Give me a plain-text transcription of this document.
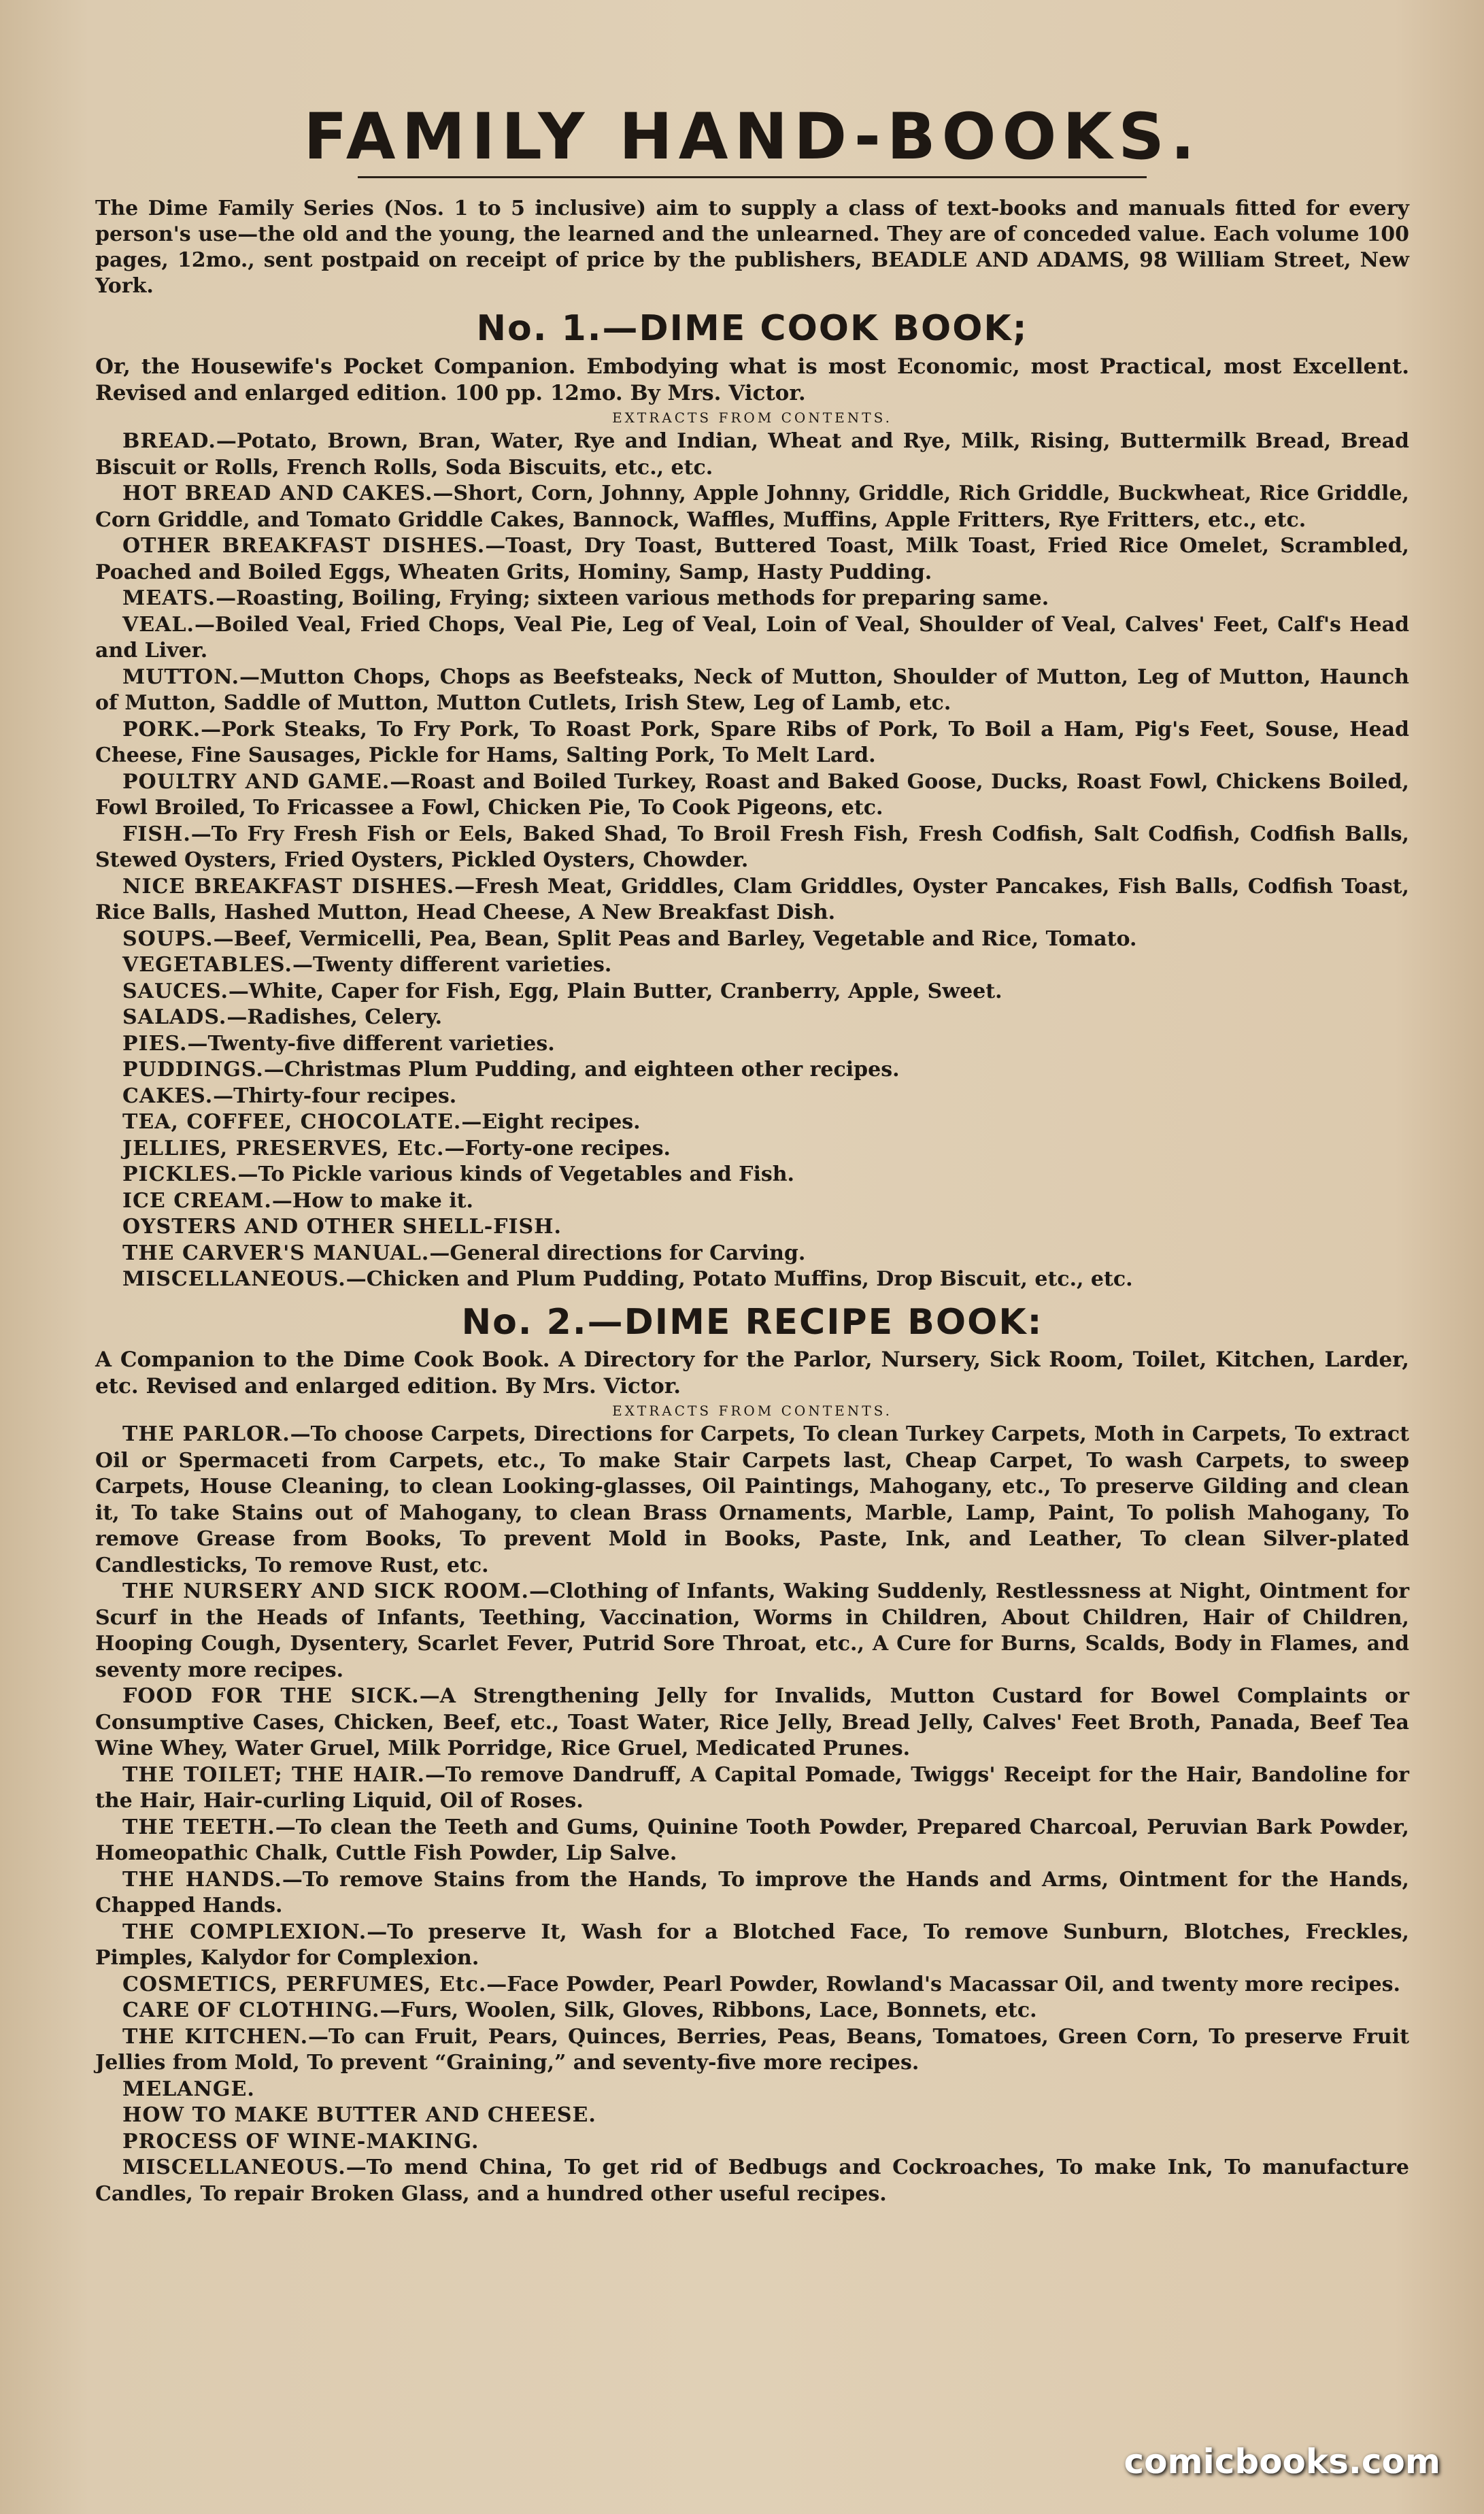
FAMILY HAND-BOOKS.

The Dime Family Series (Nos. 1 to 5 inclusive) aim to supply a class of text-books and manuals fitted for every person's use—the old and the young, the learned and the unlearned. They are of conceded value. Each volume 100 pages, 12mo., sent postpaid on receipt of price by the publishers, BEADLE AND ADAMS, 98 William Street, New York.

No. 1.—DIME COOK BOOK;

Or, the Housewife's Pocket Companion. Embodying what is most Economic, most Practical, most Excellent. Revised and enlarged edition. 100 pp. 12mo. By Mrs. Victor.

EXTRACTS FROM CONTENTS.

BREAD.—Potato, Brown, Bran, Water, Rye and Indian, Wheat and Rye, Milk, Rising, Buttermilk Bread, Bread Biscuit or Rolls, French Rolls, Soda Biscuits, etc., etc.

HOT BREAD AND CAKES.—Short, Corn, Johnny, Apple Johnny, Griddle, Rich Griddle, Buckwheat, Rice Griddle, Corn Griddle, and Tomato Griddle Cakes, Bannock, Waffles, Muffins, Apple Fritters, Rye Fritters, etc., etc.

OTHER BREAKFAST DISHES.—Toast, Dry Toast, Buttered Toast, Milk Toast, Fried Rice Omelet, Scrambled, Poached and Boiled Eggs, Wheaten Grits, Hominy, Samp, Hasty Pudding.

MEATS.—Roasting, Boiling, Frying; sixteen various methods for preparing same.

VEAL.—Boiled Veal, Fried Chops, Veal Pie, Leg of Veal, Loin of Veal, Shoulder of Veal, Calves' Feet, Calf's Head and Liver.

MUTTON.—Mutton Chops, Chops as Beefsteaks, Neck of Mutton, Shoulder of Mutton, Leg of Mutton, Haunch of Mutton, Saddle of Mutton, Mutton Cutlets, Irish Stew, Leg of Lamb, etc.

PORK.—Pork Steaks, To Fry Pork, To Roast Pork, Spare Ribs of Pork, To Boil a Ham, Pig's Feet, Souse, Head Cheese, Fine Sausages, Pickle for Hams, Salting Pork, To Melt Lard.

POULTRY AND GAME.—Roast and Boiled Turkey, Roast and Baked Goose, Ducks, Roast Fowl, Chickens Boiled, Fowl Broiled, To Fricassee a Fowl, Chicken Pie, To Cook Pigeons, etc.

FISH.—To Fry Fresh Fish or Eels, Baked Shad, To Broil Fresh Fish, Fresh Codfish, Salt Codfish, Codfish Balls, Stewed Oysters, Fried Oysters, Pickled Oysters, Chowder.

NICE BREAKFAST DISHES.—Fresh Meat, Griddles, Clam Griddles, Oyster Pancakes, Fish Balls, Codfish Toast, Rice Balls, Hashed Mutton, Head Cheese, A New Breakfast Dish.

SOUPS.—Beef, Vermicelli, Pea, Bean, Split Peas and Barley, Vegetable and Rice, Tomato.

VEGETABLES.—Twenty different varieties.

SAUCES.—White, Caper for Fish, Egg, Plain Butter, Cranberry, Apple, Sweet.

SALADS.—Radishes, Celery.

PIES.—Twenty-five different varieties.

PUDDINGS.—Christmas Plum Pudding, and eighteen other recipes.

CAKES.—Thirty-four recipes.

TEA, COFFEE, CHOCOLATE.—Eight recipes.

JELLIES, PRESERVES, Etc.—Forty-one recipes.

PICKLES.—To Pickle various kinds of Vegetables and Fish.

ICE CREAM.—How to make it.

OYSTERS AND OTHER SHELL-FISH.

THE CARVER'S MANUAL.—General directions for Carving.

MISCELLANEOUS.—Chicken and Plum Pudding, Potato Muffins, Drop Biscuit, etc., etc.

No. 2.—DIME RECIPE BOOK:

A Companion to the Dime Cook Book. A Directory for the Parlor, Nursery, Sick Room, Toilet, Kitchen, Larder, etc. Revised and enlarged edition. By Mrs. Victor.

EXTRACTS FROM CONTENTS.

THE PARLOR.—To choose Carpets, Directions for Carpets, To clean Turkey Carpets, Moth in Carpets, To extract Oil or Spermaceti from Carpets, etc., To make Stair Carpets last, Cheap Carpet, To wash Carpets, to sweep Carpets, House Cleaning, to clean Looking-glasses, Oil Paintings, Mahogany, etc., To preserve Gilding and clean it, To take Stains out of Mahogany, to clean Brass Ornaments, Marble, Lamp, Paint, To polish Mahogany, To remove Grease from Books, To prevent Mold in Books, Paste, Ink, and Leather, To clean Silver-plated Candlesticks, To remove Rust, etc.

THE NURSERY AND SICK ROOM.—Clothing of Infants, Waking Suddenly, Restlessness at Night, Ointment for Scurf in the Heads of Infants, Teething, Vaccination, Worms in Children, About Children, Hair of Children, Hooping Cough, Dysentery, Scarlet Fever, Putrid Sore Throat, etc., A Cure for Burns, Scalds, Body in Flames, and seventy more recipes.

FOOD FOR THE SICK.—A Strengthening Jelly for Invalids, Mutton Custard for Bowel Complaints or Consumptive Cases, Chicken, Beef, etc., Toast Water, Rice Jelly, Bread Jelly, Calves' Feet Broth, Panada, Beef Tea Wine Whey, Water Gruel, Milk Porridge, Rice Gruel, Medicated Prunes.

THE TOILET; THE HAIR.—To remove Dandruff, A Capital Pomade, Twiggs' Receipt for the Hair, Bandoline for the Hair, Hair-curling Liquid, Oil of Roses.

THE TEETH.—To clean the Teeth and Gums, Quinine Tooth Powder, Prepared Charcoal, Peruvian Bark Powder, Homeopathic Chalk, Cuttle Fish Powder, Lip Salve.

THE HANDS.—To remove Stains from the Hands, To improve the Hands and Arms, Ointment for the Hands, Chapped Hands.

THE COMPLEXION.—To preserve It, Wash for a Blotched Face, To remove Sunburn, Blotches, Freckles, Pimples, Kalydor for Complexion.

COSMETICS, PERFUMES, Etc.—Face Powder, Pearl Powder, Rowland's Macassar Oil, and twenty more recipes.

CARE OF CLOTHING.—Furs, Woolen, Silk, Gloves, Ribbons, Lace, Bonnets, etc.

THE KITCHEN.—To can Fruit, Pears, Quinces, Berries, Peas, Beans, Tomatoes, Green Corn, To preserve Fruit Jellies from Mold, To prevent “Graining,” and seventy-five more recipes.

MELANGE.

HOW TO MAKE BUTTER AND CHEESE.

PROCESS OF WINE-MAKING.

MISCELLANEOUS.—To mend China, To get rid of Bedbugs and Cockroaches, To make Ink, To manufacture Candles, To repair Broken Glass, and a hundred other useful recipes.

comicbooks.com
